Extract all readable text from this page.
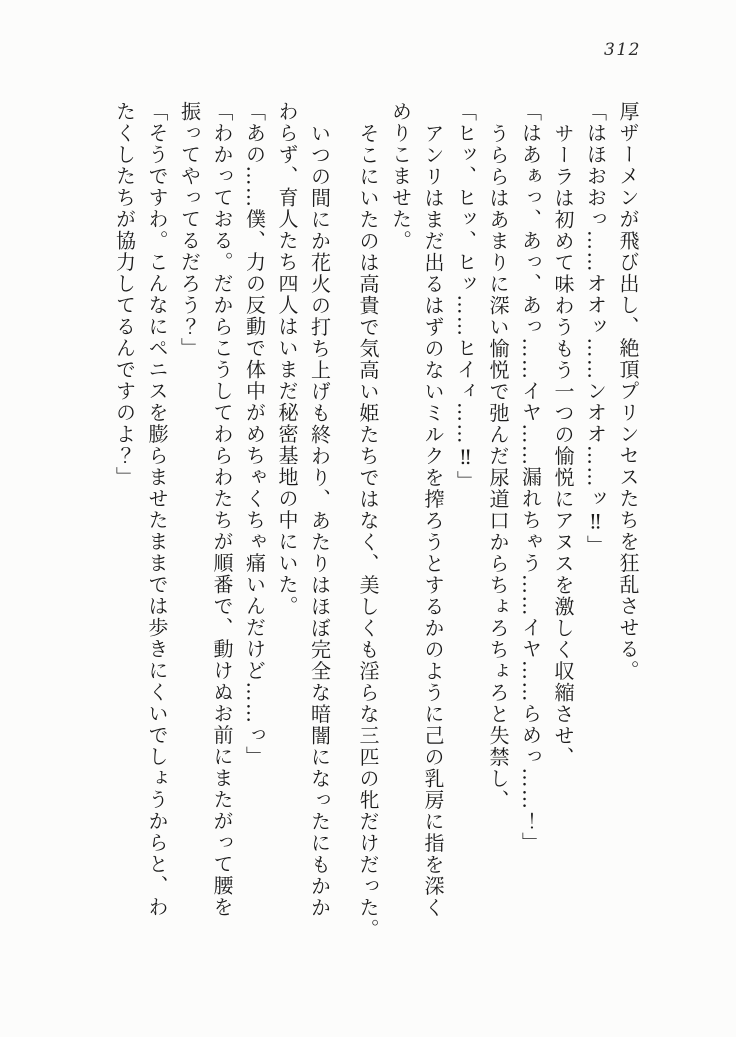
312

厚ザーメンが飛び出し、絶頂プリンセスたちを狂乱させる。

「はほおおっ……オオッ……ンオオ……ッ‼」

サーラは初めて味わうもう一つの愉悦にアヌスを激しく収縮させ、

「はあぁっ、あっ、あっ……イヤ……漏れちゃう……イヤ……らめっ……！」

うららはあまりに深い愉悦で弛んだ尿道口からちょろちょろと失禁し、

「ヒッ、ヒッ、ヒッ……ヒイィ……‼」

アンリはまだ出るはずのないミルクを搾ろうとするかのように己の乳房に指を深く

めりこませた。

そこにいたのは高貴で気高い姫たちではなく、美しくも淫らな三匹の牝だけだった。

いつの間にか花火の打ち上げも終わり、あたりはほぼ完全な暗闇になったにもかか

わらず、育人たち四人はいまだ秘密基地の中にいた。

「あの……僕、力の反動で体中がめちゃくちゃ痛いんだけど……っ」

「わかっておる。だからこうしてわらわたちが順番で、動けぬお前にまたがって腰を

振ってやってるだろう？」

「そうですわ。こんなにペニスを膨らませたままでは歩きにくいでしょうからと、わ

たくしたちが協力してるんですのよ？」
